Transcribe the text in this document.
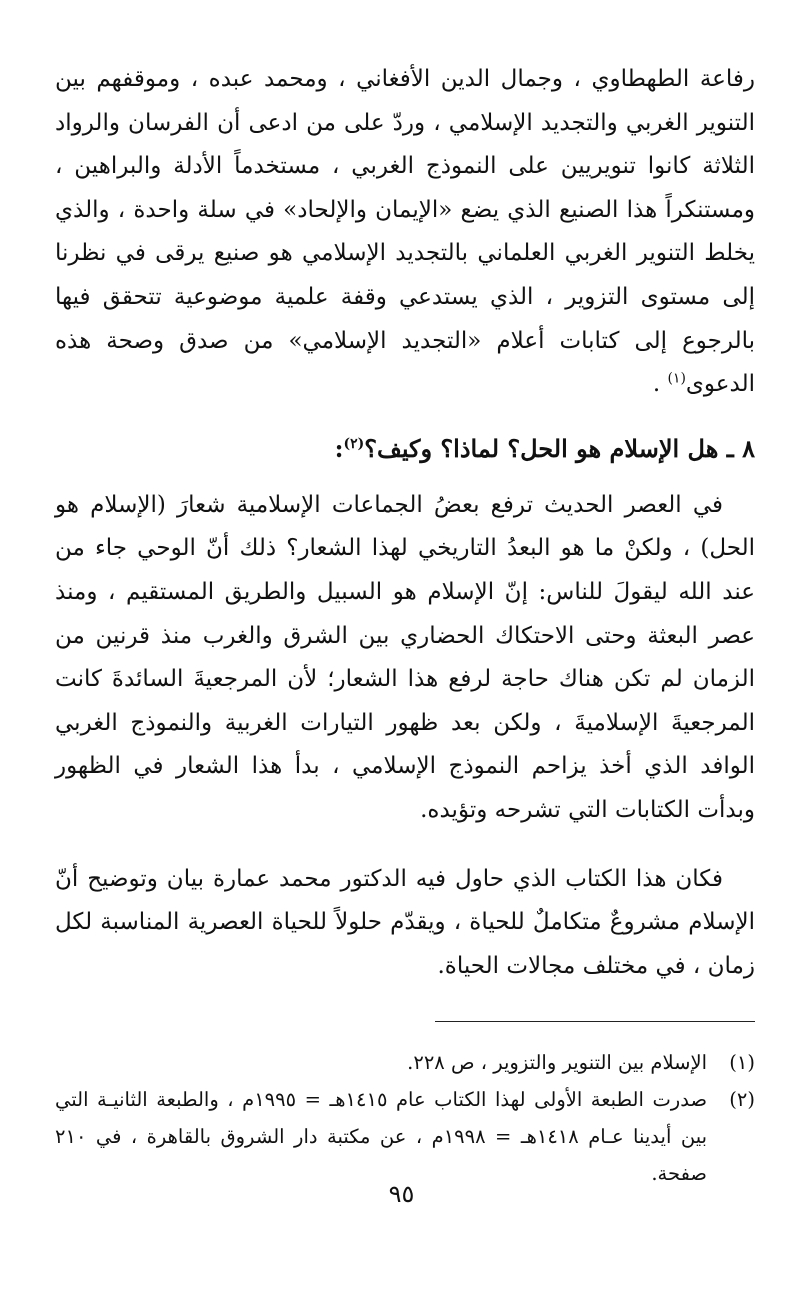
رفاعة الطهطاوي ، وجمال الدين الأفغاني ، ومحمد عبده ، وموقفهم بين التنوير الغربي والتجديد الإسلامي ، وردّ على من ادعى أن الفرسان والرواد الثلاثة كانوا تنويريين على النموذج الغربي ، مستخدماً الأدلة والبراهين ، ومستنكراً هذا الصنيع الذي يضع «الإيمان والإلحاد» في سلة واحدة ، والذي يخلط التنوير الغربي العلماني بالتجديد الإسلامي هو صنيع يرقى في نظرنا إلى مستوى التزوير ، الذي يستدعي وقفة علمية موضوعية تتحقق فيها بالرجوع إلى كتابات أعلام «التجديد الإسلامي» من صدق وصحة هذه الدعوى$^{(١)}$ .

٨ ـ هل الإسلام هو الحل؟ لماذا؟ وكيف؟$^{(٢)}$:

في العصر الحديث ترفع بعضُ الجماعات الإسلامية شعارَ (الإسلام هو الحل) ، ولكنْ ما هو البعدُ التاريخي لهذا الشعار؟ ذلك أنّ الوحي جاء من عند الله ليقولَ للناس: إنّ الإسلام هو السبيل والطريق المستقيم ، ومنذ عصر البعثة وحتى الاحتكاك الحضاري بين الشرق والغرب منذ قرنين من الزمان لم تكن هناك حاجة لرفع هذا الشعار؛ لأن المرجعيةَ السائدةَ كانت المرجعيةَ الإسلاميةَ ، ولكن بعد ظهور التيارات الغربية والنموذج الغربي الوافد الذي أخذ يزاحم النموذج الإسلامي ، بدأ هذا الشعار في الظهور وبدأت الكتابات التي تشرحه وتؤيده.

فكان هذا الكتاب الذي حاول فيه الدكتور محمد عمارة بيان وتوضيح أنّ الإسلام مشروعٌ متكاملٌ للحياة ، ويقدّم حلولاً للحياة العصرية المناسبة لكل زمان ، في مختلف مجالات الحياة.

(١)
الإسلام بين التنوير والتزوير ، ص ٢٢٨.
(٢)
صدرت الطبعة الأولى لهذا الكتاب عام ١٤١٥هـ = ١٩٩٥م ، والطبعة الثانيـة التي بين أيدينا عـام ١٤١٨هـ = ١٩٩٨م ، عن مكتبة دار الشروق بالقاهرة ، في ٢١٠ صفحة.
٩٥
